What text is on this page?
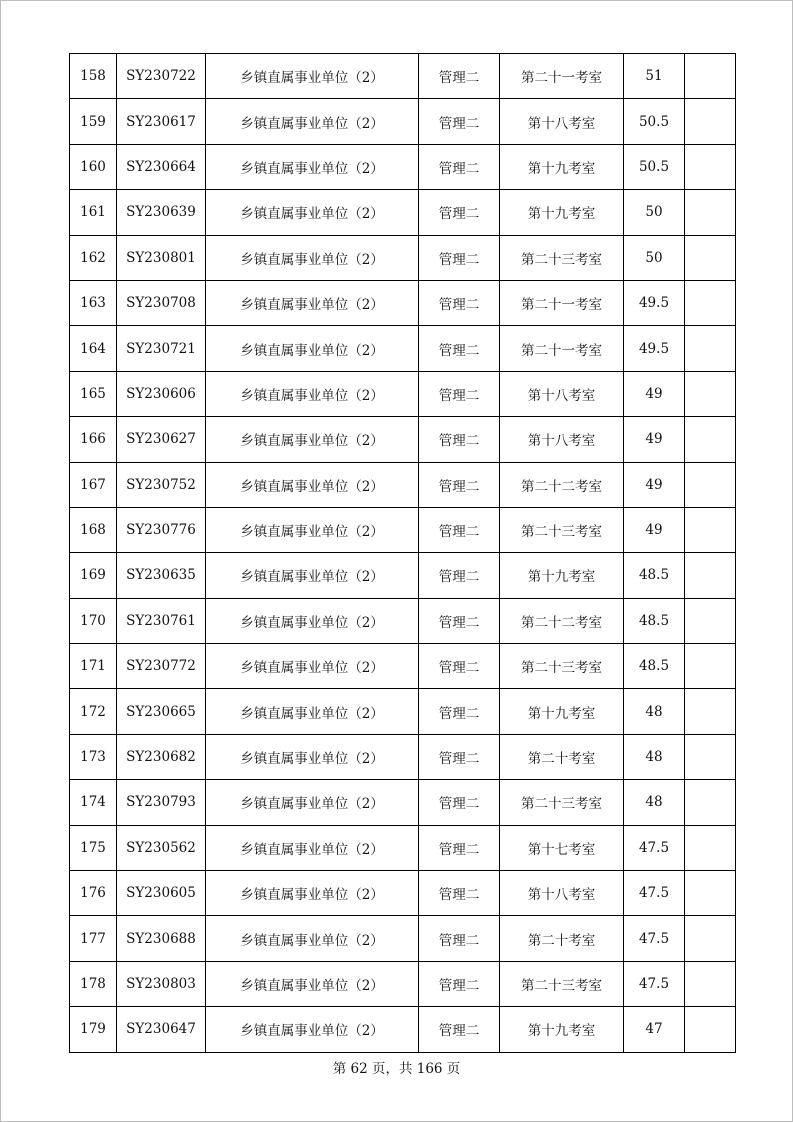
158	SY230722	乡镇直属事业单位（2）	管理二	第二十一考室	51	
159	SY230617	乡镇直属事业单位（2）	管理二	第十八考室	50.5	
160	SY230664	乡镇直属事业单位（2）	管理二	第十九考室	50.5	
161	SY230639	乡镇直属事业单位（2）	管理二	第十九考室	50	
162	SY230801	乡镇直属事业单位（2）	管理二	第二十三考室	50	
163	SY230708	乡镇直属事业单位（2）	管理二	第二十一考室	49.5	
164	SY230721	乡镇直属事业单位（2）	管理二	第二十一考室	49.5	
165	SY230606	乡镇直属事业单位（2）	管理二	第十八考室	49	
166	SY230627	乡镇直属事业单位（2）	管理二	第十八考室	49	
167	SY230752	乡镇直属事业单位（2）	管理二	第二十二考室	49	
168	SY230776	乡镇直属事业单位（2）	管理二	第二十三考室	49	
169	SY230635	乡镇直属事业单位（2）	管理二	第十九考室	48.5	
170	SY230761	乡镇直属事业单位（2）	管理二	第二十二考室	48.5	
171	SY230772	乡镇直属事业单位（2）	管理二	第二十三考室	48.5	
172	SY230665	乡镇直属事业单位（2）	管理二	第十九考室	48	
173	SY230682	乡镇直属事业单位（2）	管理二	第二十考室	48	
174	SY230793	乡镇直属事业单位（2）	管理二	第二十三考室	48	
175	SY230562	乡镇直属事业单位（2）	管理二	第十七考室	47.5	
176	SY230605	乡镇直属事业单位（2）	管理二	第十八考室	47.5	
177	SY230688	乡镇直属事业单位（2）	管理二	第二十考室	47.5	
178	SY230803	乡镇直属事业单位（2）	管理二	第二十三考室	47.5	
179	SY230647	乡镇直属事业单位（2）	管理二	第十九考室	47	
第 62 页，共 166 页
